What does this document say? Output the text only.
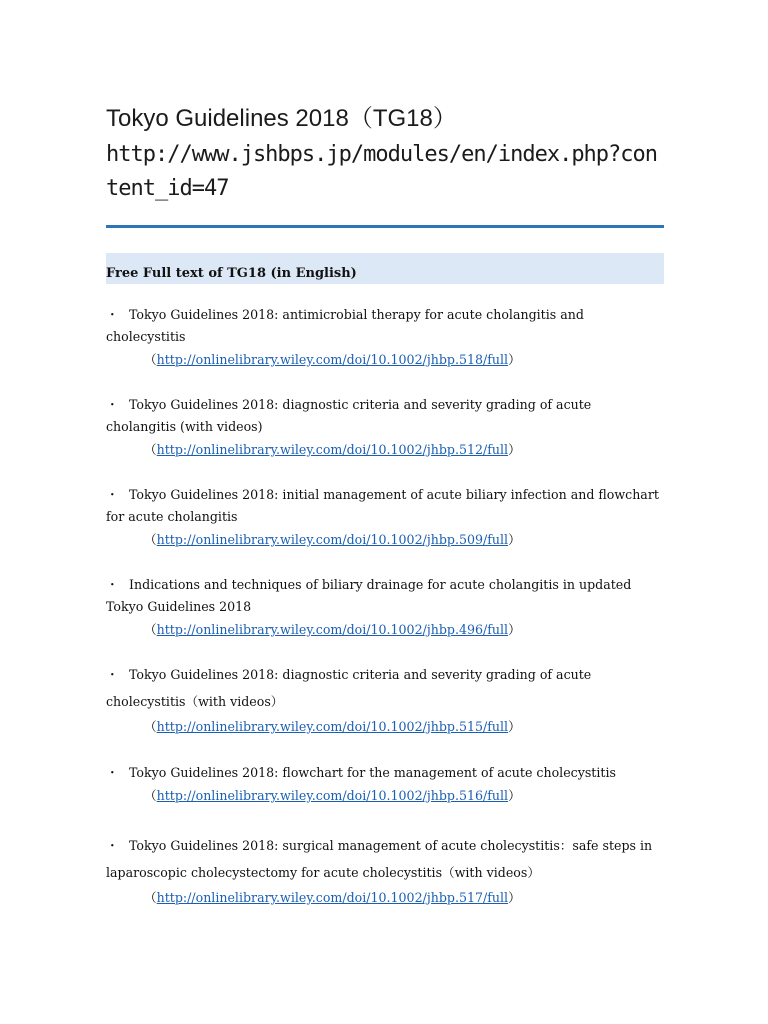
Tokyo Guidelines 2018（TG18）
http://www.jshbps.jp/modules/en/index.php?content_id=47
Free Full text of TG18 (in English)
・ Tokyo Guidelines 2018: antimicrobial therapy for acute cholangitis and cholecystitis
（http://onlinelibrary.wiley.com/doi/10.1002/jhbp.518/full）
・ Tokyo Guidelines 2018: diagnostic criteria and severity grading of acute cholangitis (with videos)
（http://onlinelibrary.wiley.com/doi/10.1002/jhbp.512/full）
・ Tokyo Guidelines 2018: initial management of acute biliary infection and flowchart for acute cholangitis
（http://onlinelibrary.wiley.com/doi/10.1002/jhbp.509/full）
・ Indications and techniques of biliary drainage for acute cholangitis in updated Tokyo Guidelines 2018
（http://onlinelibrary.wiley.com/doi/10.1002/jhbp.496/full）
・ Tokyo Guidelines 2018: diagnostic criteria and severity grading of acute cholecystitis（with videos）
（http://onlinelibrary.wiley.com/doi/10.1002/jhbp.515/full）
・ Tokyo Guidelines 2018: flowchart for the management of acute cholecystitis
（http://onlinelibrary.wiley.com/doi/10.1002/jhbp.516/full）
・ Tokyo Guidelines 2018: surgical management of acute cholecystitis：safe steps in laparoscopic cholecystectomy for acute cholecystitis（with videos）
（http://onlinelibrary.wiley.com/doi/10.1002/jhbp.517/full）
